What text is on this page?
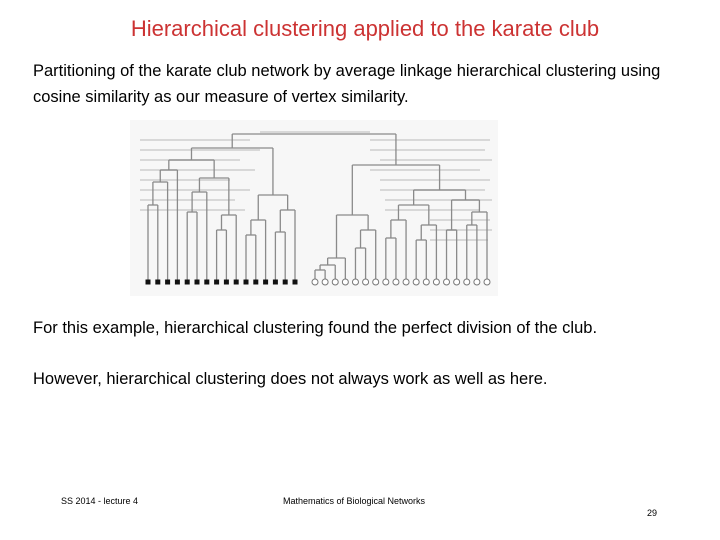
Hierarchical clustering applied to the karate club
Partitioning of the karate club network by average linkage hierarchical clustering using cosine similarity as our measure of vertex similarity.
For this example, hierarchical clustering found the perfect division of the club.
However, hierarchical clustering does not always work as well as here.
SS 2014 - lecture 4	Mathematics of Biological Networks
29
